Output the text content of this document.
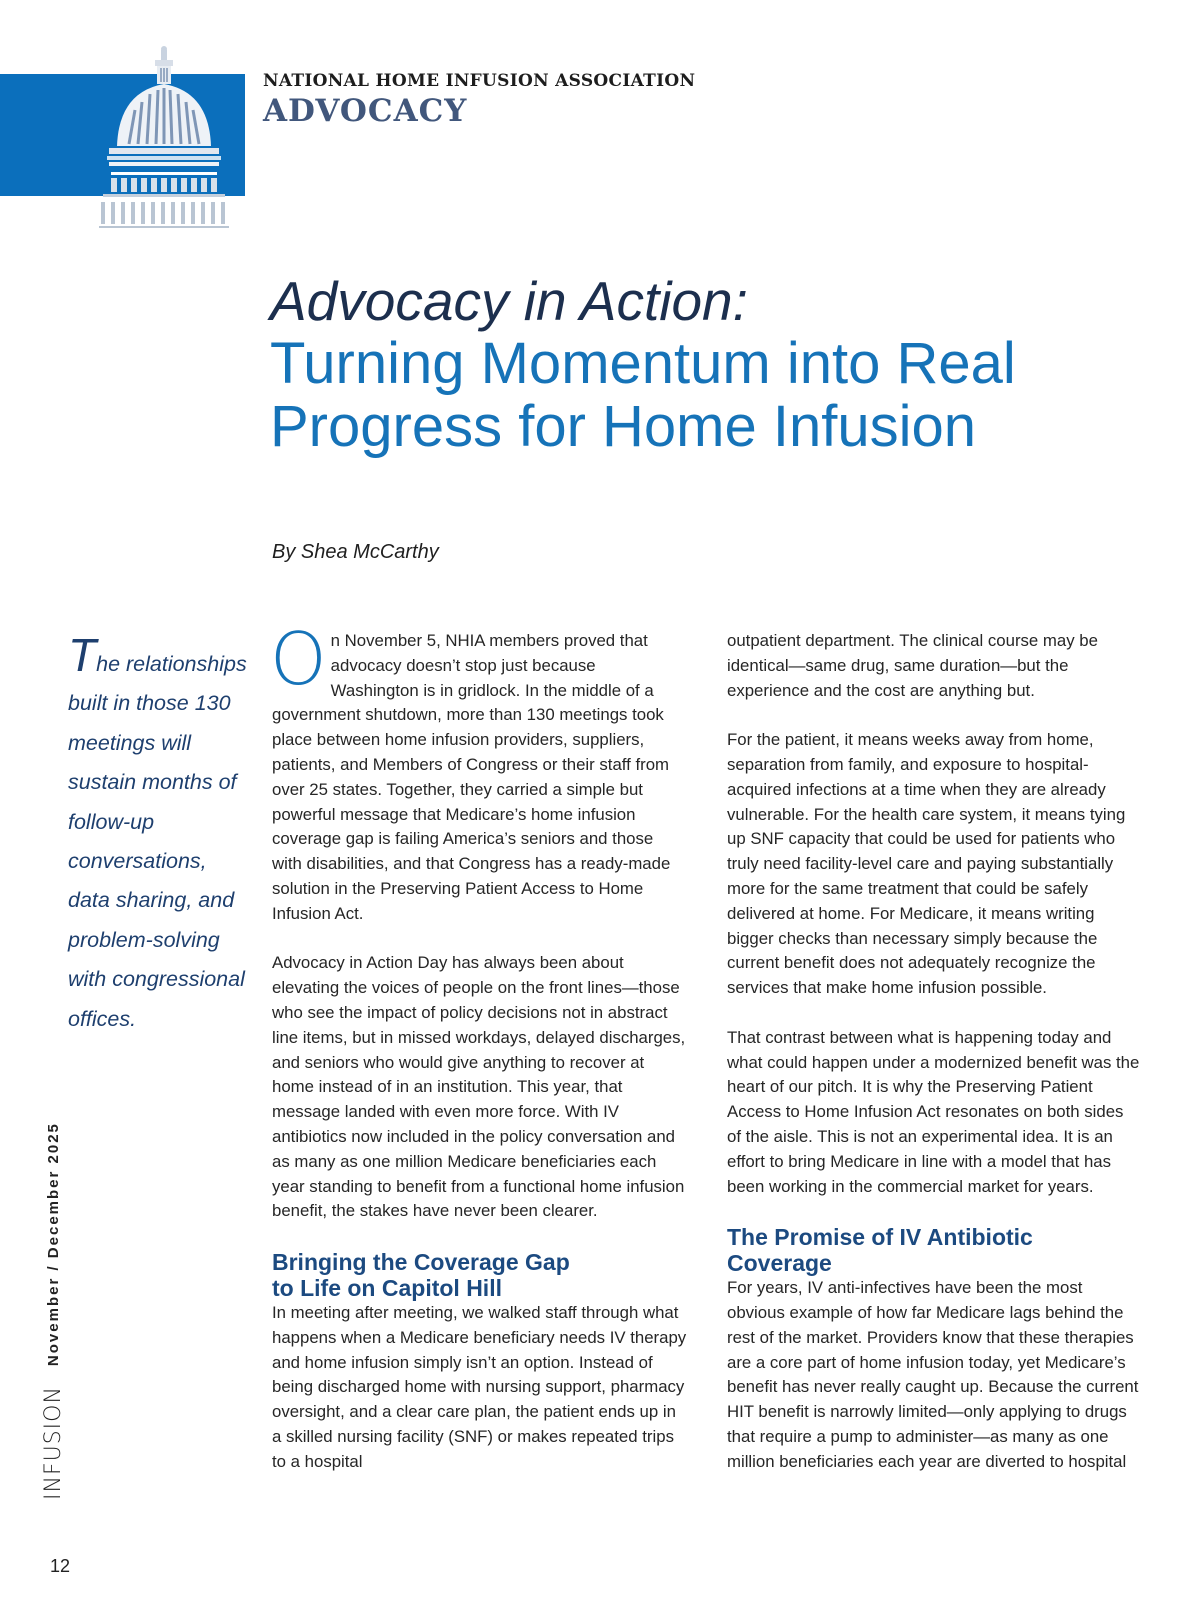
NATIONAL HOME INFUSION ASSOCIATION
ADVOCACY
Advocacy in Action:
Turning Momentum into Real
Progress for Home Infusion
By Shea McCarthy
The relationships built in those 130 meetings will sustain months of follow-up conversations, data sharing, and problem-solving with congressional offices.

On November 5, NHIA members proved that advocacy doesn’t stop just because Washington is in gridlock. In the middle of a government shutdown, more than 130 meetings took place between home infusion providers, suppliers, patients, and Members of Congress or their staff from over 25 states. Together, they carried a simple but powerful message that Medicare’s home infusion coverage gap is failing America’s seniors and those with disabilities, and that Congress has a ready-made solution in the Preserving Patient Access to Home Infusion Act.

Advocacy in Action Day has always been about elevating the voices of people on the front lines—those who see the impact of policy decisions not in abstract line items, but in missed workdays, delayed discharges, and seniors who would give anything to recover at home instead of in an institution. This year, that message landed with even more force. With IV antibiotics now included in the policy conversation and as many as one million Medicare beneficiaries each year standing to benefit from a functional home infusion benefit, the stakes have never been clearer.

Bringing the Coverage Gap
to Life on Capitol Hill

In meeting after meeting, we walked staff through what happens when a Medicare beneficiary needs IV therapy and home infusion simply isn’t an option. Instead of being discharged home with nursing support, pharmacy oversight, and a clear care plan, the patient ends up in a skilled nursing facility (SNF) or makes repeated trips to a hospital

outpatient department. The clinical course may be identical—same drug, same duration—but the experience and the cost are anything but.

For the patient, it means weeks away from home, separation from family, and exposure to hospital-acquired infections at a time when they are already vulnerable. For the health care system, it means tying up SNF capacity that could be used for patients who truly need facility-level care and paying substantially more for the same treatment that could be safely delivered at home. For Medicare, it means writing bigger checks than necessary simply because the current benefit does not adequately recognize the services that make home infusion possible.

That contrast between what is happening today and what could happen under a modernized benefit was the heart of our pitch. It is why the Preserving Patient Access to Home Infusion Act resonates on both sides of the aisle. This is not an experimental idea. It is an effort to bring Medicare in line with a model that has been working in the commercial market for years.

The Promise of IV Antibiotic Coverage

For years, IV anti-infectives have been the most obvious example of how far Medicare lags behind the rest of the market. Providers know that these therapies are a core part of home infusion today, yet Medicare’s benefit has never really caught up. Because the current HIT benefit is narrowly limited—only applying to drugs that require a pump to administer—as many as one million beneficiaries each year are diverted to hospital

INFUSION
November / December 2025
12
